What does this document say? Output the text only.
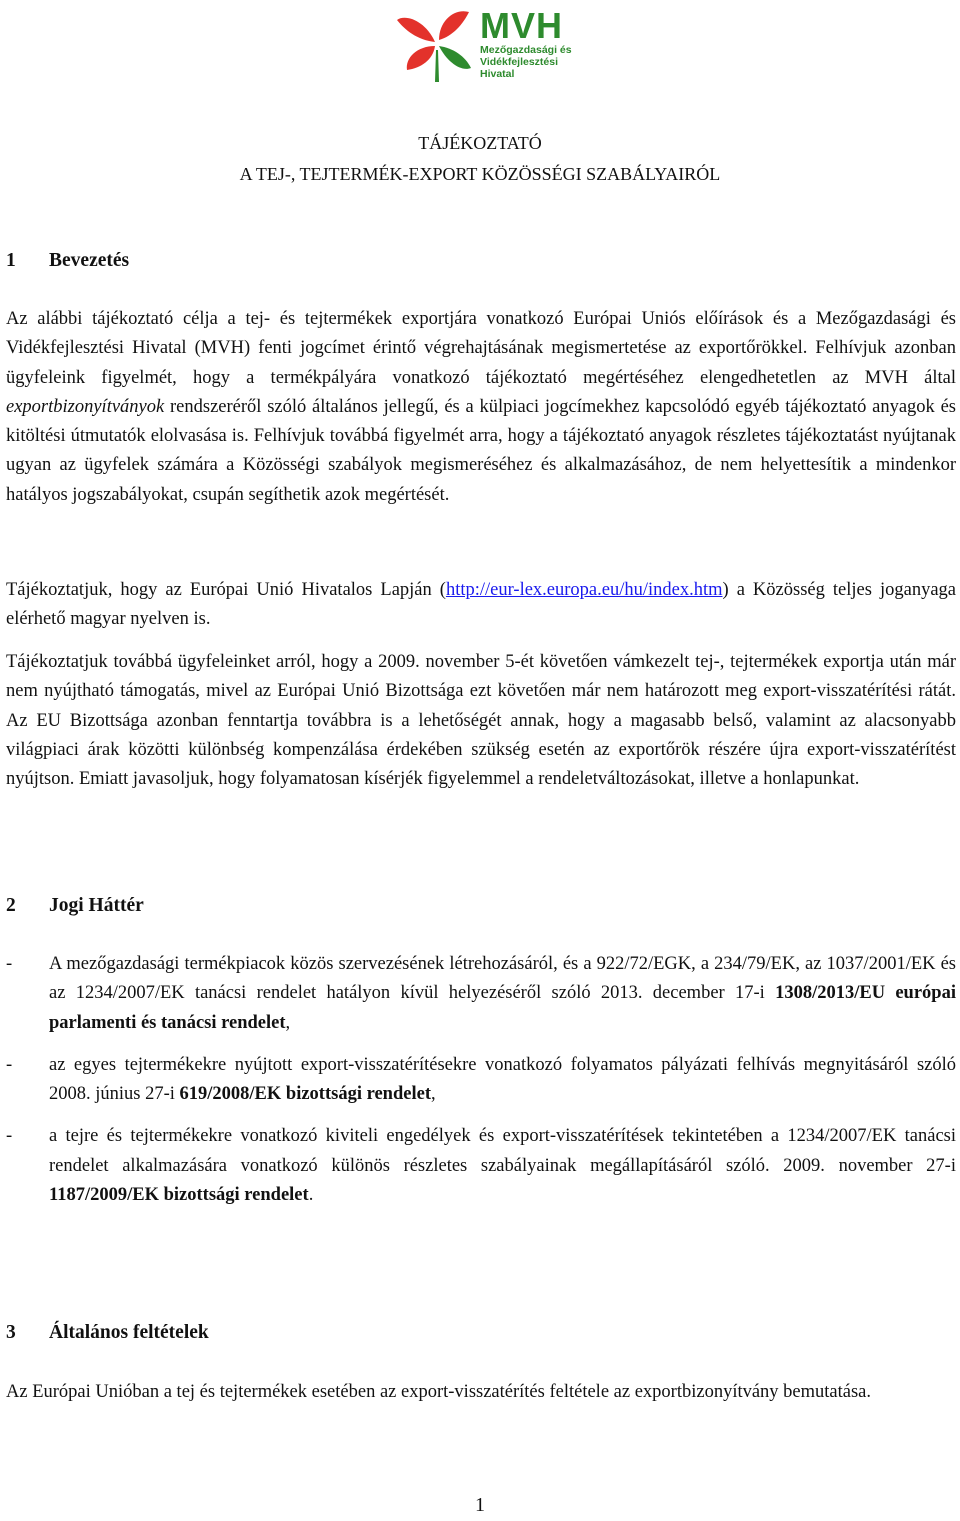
MVH
Mezőgazdasági és
Vidékfejlesztési
Hivatal
TÁJÉKOZTATÓ
A TEJ-, TEJTERMÉK-EXPORT KÖZÖSSÉGI SZABÁLYAIRÓL
1 Bevezetés
Az alábbi tájékoztató célja a tej- és tejtermékek exportjára vonatkozó Európai Uniós előírások és a Mezőgazdasági és Vidékfejlesztési Hivatal (MVH) fenti jogcímet érintő végrehajtásának megismertetése az exportőrökkel. Felhívjuk azonban ügyfeleink figyelmét, hogy a termékpályára vonatkozó tájékoztató megértéséhez elengedhetetlen az MVH által exportbizonyítványok rendszeréről szóló általános jellegű, és a külpiaci jogcímekhez kapcsolódó egyéb tájékoztató anyagok és kitöltési útmutatók elolvasása is. Felhívjuk továbbá figyelmét arra, hogy a tájékoztató anyagok részletes tájékoztatást nyújtanak ugyan az ügyfelek számára a Közösségi szabályok megismeréséhez és alkalmazásához, de nem helyettesítik a mindenkor hatályos jogszabályokat, csupán segíthetik azok megértését.
Tájékoztatjuk, hogy az Európai Unió Hivatalos Lapján (http://eur-lex.europa.eu/hu/index.htm) a Közösség teljes joganyaga elérhető magyar nyelven is.
Tájékoztatjuk továbbá ügyfeleinket arról, hogy a 2009. november 5-ét követően vámkezelt tej-, tejtermékek exportja után már nem nyújtható támogatás, mivel az Európai Unió Bizottsága ezt követően már nem határozott meg export-visszatérítési rátát. Az EU Bizottsága azonban fenntartja továbbra is a lehetőségét annak, hogy a magasabb belső, valamint az alacsonyabb világpiaci árak közötti különbség kompenzálása érdekében szükség esetén az exportőrök részére újra export-visszatérítést nyújtson. Emiatt javasoljuk, hogy folyamatosan kísérjék figyelemmel a rendeletváltozásokat, illetve a honlapunkat.
2 Jogi Háttér
-	A mezőgazdasági termékpiacok közös szervezésének létrehozásáról, és a 922/72/EGK, a 234/79/EK, az 1037/2001/EK és az 1234/2007/EK tanácsi rendelet hatályon kívül helyezéséről szóló 2013. december 17-i 1308/2013/EU európai parlamenti és tanácsi rendelet,
-	az egyes tejtermékekre nyújtott export-visszatérítésekre vonatkozó folyamatos pályázati felhívás megnyitásáról szóló 2008. június 27-i 619/2008/EK bizottsági rendelet,
-	a tejre és tejtermékekre vonatkozó kiviteli engedélyek és export-visszatérítések tekintetében a 1234/2007/EK tanácsi rendelet alkalmazására vonatkozó különös részletes szabályainak megállapításáról szóló. 2009. november 27-i 1187/2009/EK bizottsági rendelet.
3 Általános feltételek
Az Európai Unióban a tej és tejtermékek esetében az export-visszatérítés feltétele az exportbizonyítvány bemutatása.
1
